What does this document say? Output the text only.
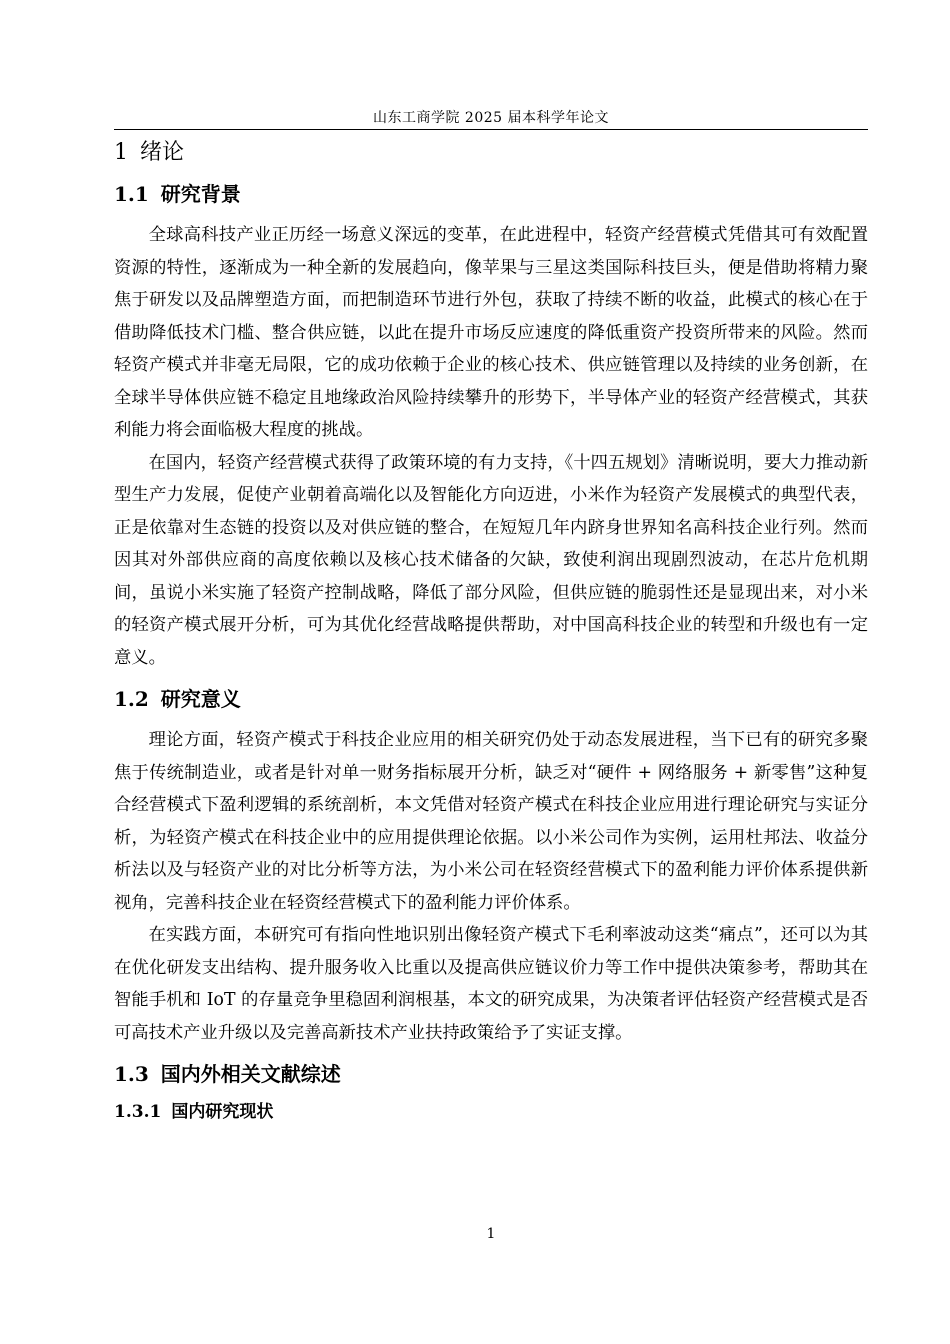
山东工商学院 2025 届本科学年论文
1 绪论
1.1 研究背景

全球高科技产业正历经一场意义深远的变革，在此进程中，轻资产经营模式凭借其可有效配置资源的特性，逐渐成为一种全新的发展趋向，像苹果与三星这类国际科技巨头，便是借助将精力聚焦于研发以及品牌塑造方面，而把制造环节进行外包，获取了持续不断的收益，此模式的核心在于借助降低技术门槛、整合供应链，以此在提升市场反应速度的降低重资产投资所带来的风险。然而轻资产模式并非毫无局限，它的成功依赖于企业的核心技术、供应链管理以及持续的业务创新，在全球半导体供应链不稳定且地缘政治风险持续攀升的形势下，半导体产业的轻资产经营模式，其获利能力将会面临极大程度的挑战。

在国内，轻资产经营模式获得了政策环境的有力支持，《十四五规划》清晰说明，要大力推动新型生产力发展，促使产业朝着高端化以及智能化方向迈进，小米作为轻资产发展模式的典型代表，正是依靠对生态链的投资以及对供应链的整合，在短短几年内跻身世界知名高科技企业行列。然而因其对外部供应商的高度依赖以及核心技术储备的欠缺，致使利润出现剧烈波动，在芯片危机期间，虽说小米实施了轻资产控制战略，降低了部分风险，但供应链的脆弱性还是显现出来，对小米的轻资产模式展开分析，可为其优化经营战略提供帮助，对中国高科技企业的转型和升级也有一定意义。

1.2 研究意义

理论方面，轻资产模式于科技企业应用的相关研究仍处于动态发展进程，当下已有的研究多聚焦于传统制造业，或者是针对单一财务指标展开分析，缺乏对“硬件 + 网络服务 + 新零售”这种复合经营模式下盈利逻辑的系统剖析，本文凭借对轻资产模式在科技企业应用进行理论研究与实证分析，为轻资产模式在科技企业中的应用提供理论依据。以小米公司作为实例，运用杜邦法、收益分析法以及与轻资产业的对比分析等方法，为小米公司在轻资经营模式下的盈利能力评价体系提供新视角，完善科技企业在轻资经营模式下的盈利能力评价体系。

在实践方面，本研究可有指向性地识别出像轻资产模式下毛利率波动这类“痛点”，还可以为其在优化研发支出结构、提升服务收入比重以及提高供应链议价力等工作中提供决策参考，帮助其在智能手机和 IoT 的存量竞争里稳固利润根基，本文的研究成果，为决策者评估轻资产经营模式是否可高技术产业升级以及完善高新技术产业扶持政策给予了实证支撑。

1.3 国内外相关文献综述
1.3.1 国内研究现状
1
